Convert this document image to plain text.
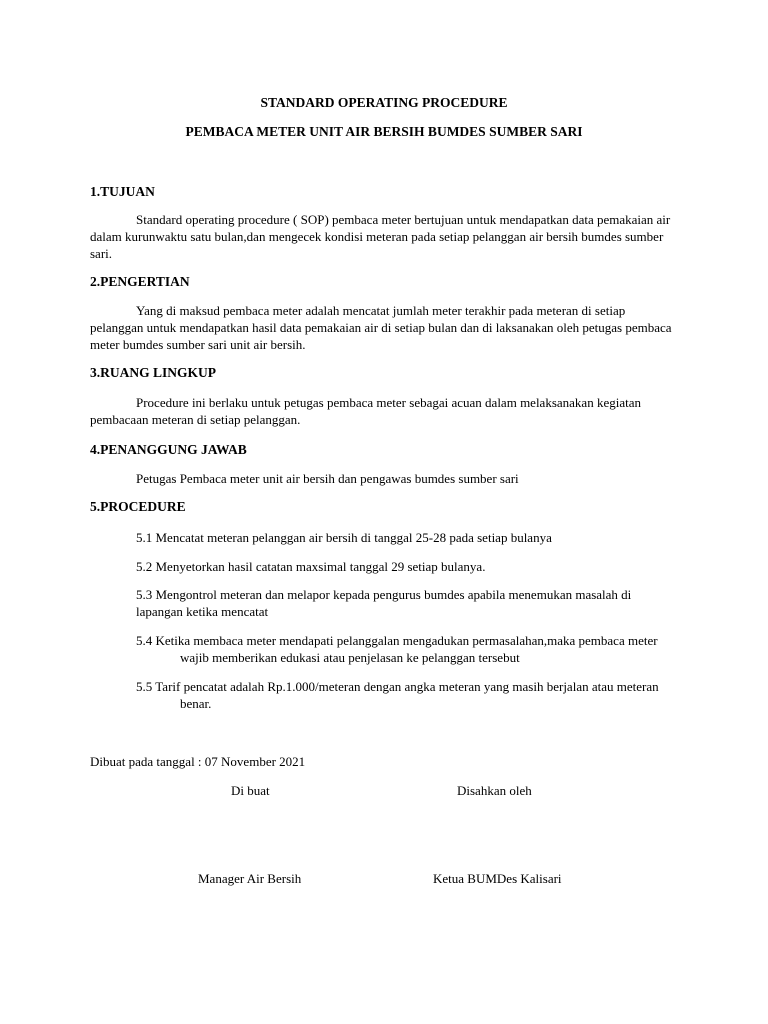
STANDARD OPERATING PROCEDURE
PEMBACA METER UNIT AIR BERSIH BUMDES SUMBER SARI
1.TUJUAN

Standard operating procedure ( SOP) pembaca meter bertujuan untuk mendapatkan data pemakaian air dalam kurunwaktu satu bulan,dan mengecek kondisi meteran pada setiap pelanggan air bersih bumdes sumber sari.

2.PENGERTIAN

Yang di maksud pembaca meter adalah mencatat jumlah meter terakhir pada meteran di setiap pelanggan untuk mendapatkan hasil data pemakaian air di setiap bulan dan di laksanakan oleh petugas pembaca meter bumdes sumber sari unit air bersih.

3.RUANG LINGKUP

Procedure ini berlaku untuk petugas pembaca meter sebagai acuan dalam melaksanakan kegiatan pembacaan meteran di setiap pelanggan.

4.PENANGGUNG JAWAB

Petugas Pembaca meter unit air bersih dan pengawas bumdes sumber sari

5.PROCEDURE

5.1 Mencatat meteran pelanggan air bersih di tanggal 25-28 pada setiap bulanya

5.2 Menyetorkan hasil catatan maxsimal tanggal 29 setiap bulanya.

5.3 Mengontrol meteran dan melapor kepada pengurus bumdes apabila menemukan masalah di lapangan ketika mencatat

5.4 Ketika membaca meter mendapati pelanggalan mengadukan permasalahan,maka pembaca meter wajib memberikan edukasi atau penjelasan ke pelanggan tersebut

5.5 Tarif pencatat adalah Rp.1.000/meteran dengan angka meteran yang masih berjalan atau meteran benar.

Dibuat pada tanggal : 07 November 2021

Di buat	Disahkan oleh

Manager Air Bersih	Ketua BUMDes Kalisari
